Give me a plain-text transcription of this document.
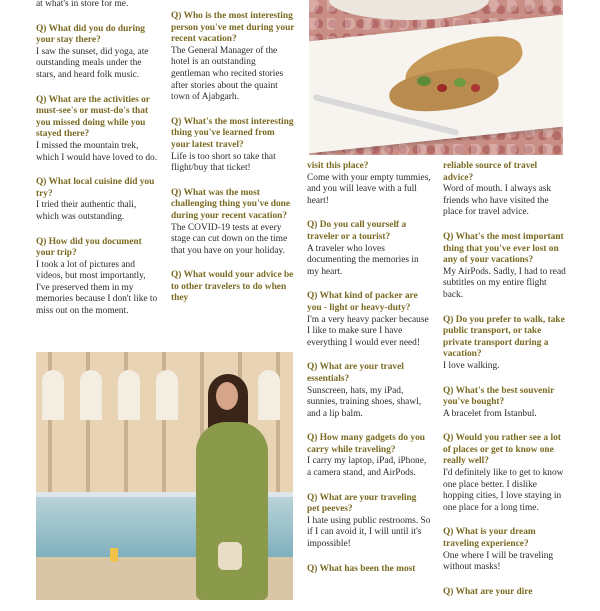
at what's in store for me.

Q) What did you do during your stay there?
I saw the sunset, did yoga, ate outstanding meals under the stars, and heard folk music.

Q) What are the activities or must-see's or must-do's that you missed doing while you stayed there?
I missed the mountain trek, which I would have loved to do.

Q) What local cuisine did you try?
I tried their authentic thali, which was outstanding.

Q) How did you document your trip?
I took a lot of pictures and videos, but most importantly, I've preserved them in my memories because I don't like to miss out on the moment.

Q) Who is the most interesting person you've met during your recent vacation?
The General Manager of the hotel is an outstanding gentleman who recited stories after stories about the quaint town of Ajabgarh.

Q) What's the most interesting thing you've learned from your latest travel?
Life is too short so take that flight/buy that ticket!

Q) What was the most challenging thing you've done during your recent vacation?
The COVID-19 tests at every stage can cut down on the time that you have on your holiday.

Q) What would your advice be to other travelers to do when they

visit this place?
Come with your empty tummies, and you will leave with a full heart!

Q) Do you call yourself a traveler or a tourist?
A traveler who loves documenting the memories in my heart.

Q) What kind of packer are you - light or heavy-duty?
I'm a very heavy packer because I like to make sure I have everything I would ever need!

Q) What are your travel essentials?
Sunscreen, hats, my iPad, sunnies, training shoes, shawl, and a lip balm.

Q) How many gadgets do you carry while traveling?
I carry my laptop, iPad, iPhone, a camera stand, and AirPods.

Q) What are your traveling pet peeves?
I hate using public restrooms. So if I can avoid it, I will until it's impossible!

Q) What has been the most

reliable source of travel advice?
Word of mouth. I always ask friends who have visited the place for travel advice.

Q) What's the most important thing that you've ever lost on any of your vacations?
My AirPods. Sadly, I had to read subtitles on my entire flight back.

Q) Do you prefer to walk, take public transport, or take private transport during a vacation?
I love walking.

Q) What's the best souvenir you've bought?
A bracelet from Istanbul.

Q) Would you rather see a lot of places or get to know one really well?
I'd definitely like to get to know one place better. I dislike hopping cities, I love staying in one place for a long time.

Q) What is your dream traveling experience?
One where I will be traveling without masks!

Q) What are your dire
